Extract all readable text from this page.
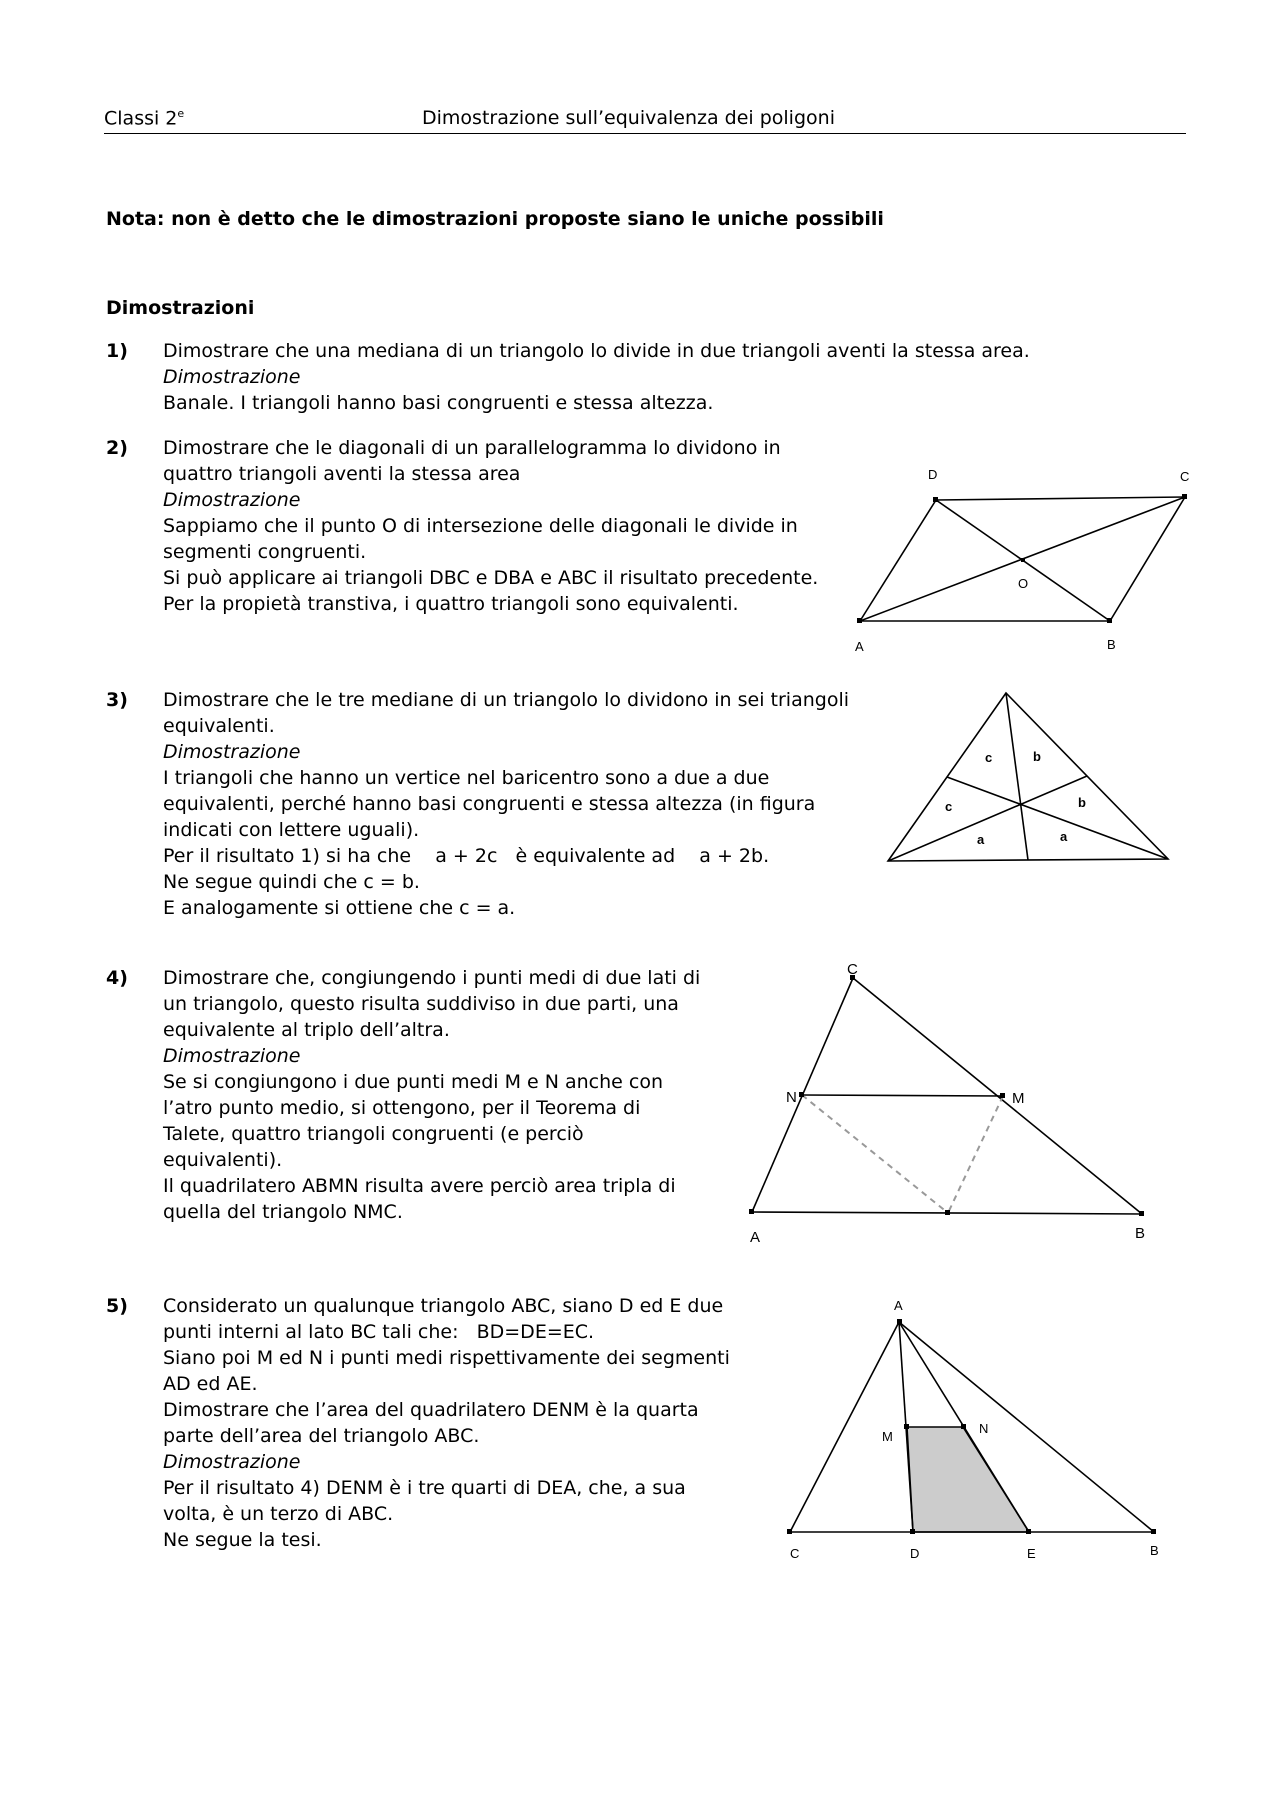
Classi 2e	Dimostrazione sull’equivalenza dei poligoni
Nota: non è detto che le dimostrazioni proposte siano le uniche possibili
Dimostrazioni
1)	Dimostrare che una mediana di un triangolo lo divide in due triangoli aventi la stessa area.
Dimostrazione
Banale. I triangoli hanno basi congruenti e stessa altezza.
2)	Dimostrare che le diagonali di un parallelogramma lo dividono in
quattro triangoli aventi la stessa area
Dimostrazione
Sappiamo che il punto O di intersezione delle diagonali le divide in
segmenti congruenti.
Si può applicare ai triangoli DBC e DBA e ABC il risultato precedente.
Per la propietà transtiva, i quattro triangoli sono equivalenti.
D	C
O
A	B
3)	Dimostrare che le tre mediane di un triangolo lo dividono in sei triangoli
equivalenti.
Dimostrazione
I triangoli che hanno un vertice nel baricentro sono a due a due
equivalenti, perché hanno basi congruenti e stessa altezza (in figura
indicati con lettere uguali).
Per il risultato 1) si ha che    a + 2c   è equivalente ad    a + 2b.
Ne segue quindi che c = b.
E analogamente si ottiene che c = a.
c	b
c	b
a	a
4)	Dimostrare che, congiungendo i punti medi di due lati di
un triangolo, questo risulta suddiviso in due parti, una
equivalente al triplo dell’altra.
Dimostrazione
Se si congiungono i due punti medi M e N anche con
l’atro punto medio, si ottengono, per il Teorema di
Talete, quattro triangoli congruenti (e perciò
equivalenti).
Il quadrilatero ABMN risulta avere perciò area tripla di
quella del triangolo NMC.
C
N	M
A	B
5)	Considerato un qualunque triangolo ABC, siano D ed E due
punti interni al lato BC tali che:   BD=DE=EC.
Siano poi M ed N i punti medi rispettivamente dei segmenti
AD ed AE.
Dimostrare che l’area del quadrilatero DENM è la quarta
parte dell’area del triangolo ABC.
Dimostrazione
Per il risultato 4) DENM è i tre quarti di DEA, che, a sua
volta, è un terzo di ABC.
Ne segue la tesi.
A
M
N
C	D	E	B
